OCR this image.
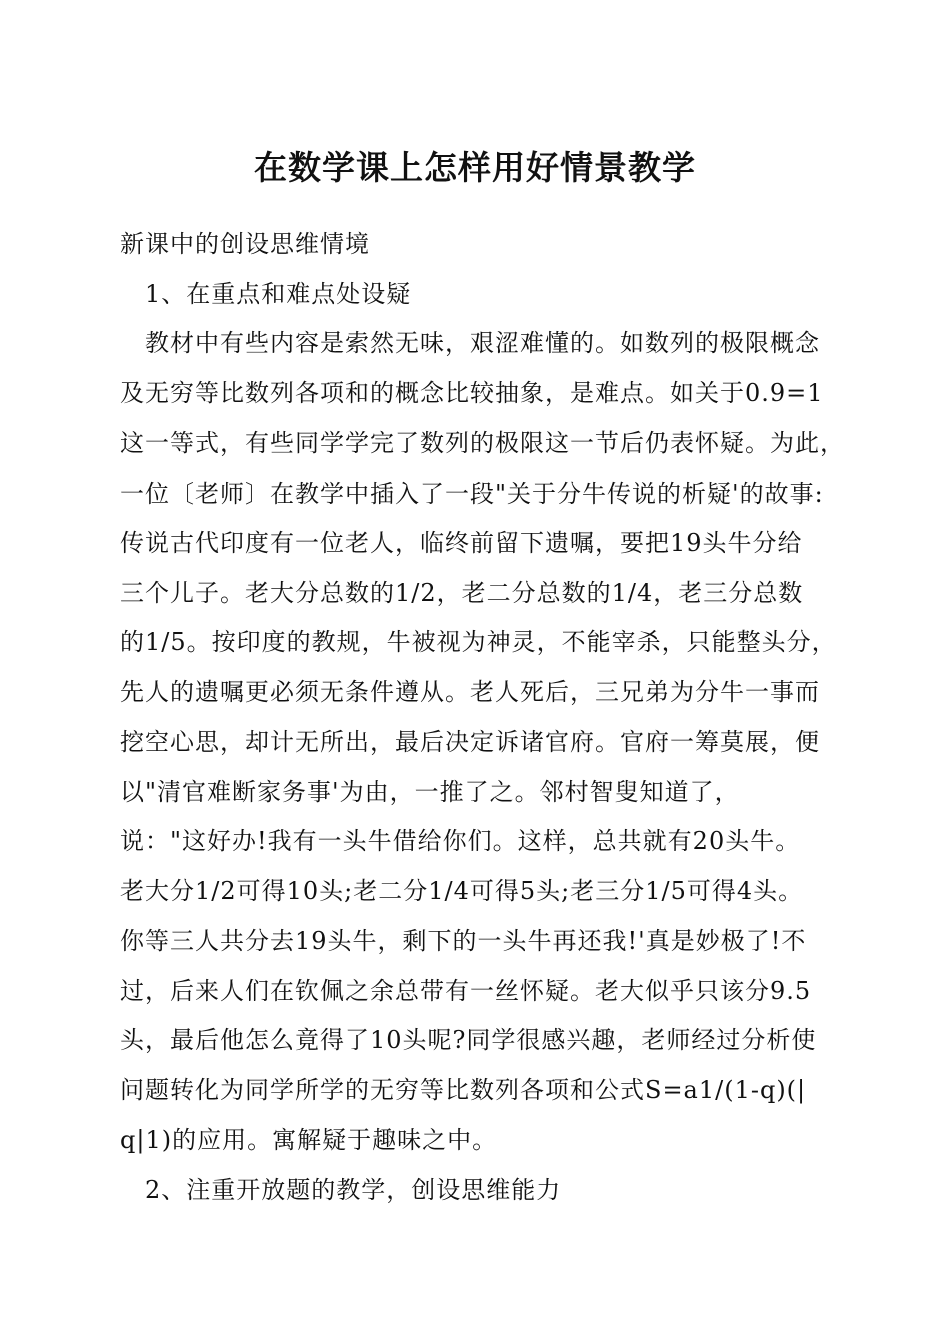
在数学课上怎样用好情景教学
新课中的创设思维情境
1、在重点和难点处设疑
教材中有些内容是索然无味，艰涩难懂的。如数列的极限概念
及无穷等比数列各项和的概念比较抽象，是难点。如关于0.9=1
这一等式，有些同学学完了数列的极限这一节后仍表怀疑。为此，
一位〔老师〕在教学中插入了一段"关于分牛传说的析疑'的故事:
传说古代印度有一位老人，临终前留下遗嘱，要把19头牛分给
三个儿子。老大分总数的1/2，老二分总数的1/4，老三分总数
的1/5。按印度的教规，牛被视为神灵，不能宰杀，只能整头分，
先人的遗嘱更必须无条件遵从。老人死后，三兄弟为分牛一事而
挖空心思，却计无所出，最后决定诉诸官府。官府一筹莫展，便
以"清官难断家务事'为由，一推了之。邻村智叟知道了，
说："这好办!我有一头牛借给你们。这样，总共就有20头牛。
老大分1/2可得10头;老二分1/4可得5头;老三分1/5可得4头。
你等三人共分去19头牛，剩下的一头牛再还我!'真是妙极了!不
过，后来人们在钦佩之余总带有一丝怀疑。老大似乎只该分9.5
头，最后他怎么竟得了10头呢?同学很感兴趣，老师经过分析使
问题转化为同学所学的无穷等比数列各项和公式S=a1/(1-q)(|
q|1)的应用。寓解疑于趣味之中。
2、注重开放题的教学，创设思维能力
